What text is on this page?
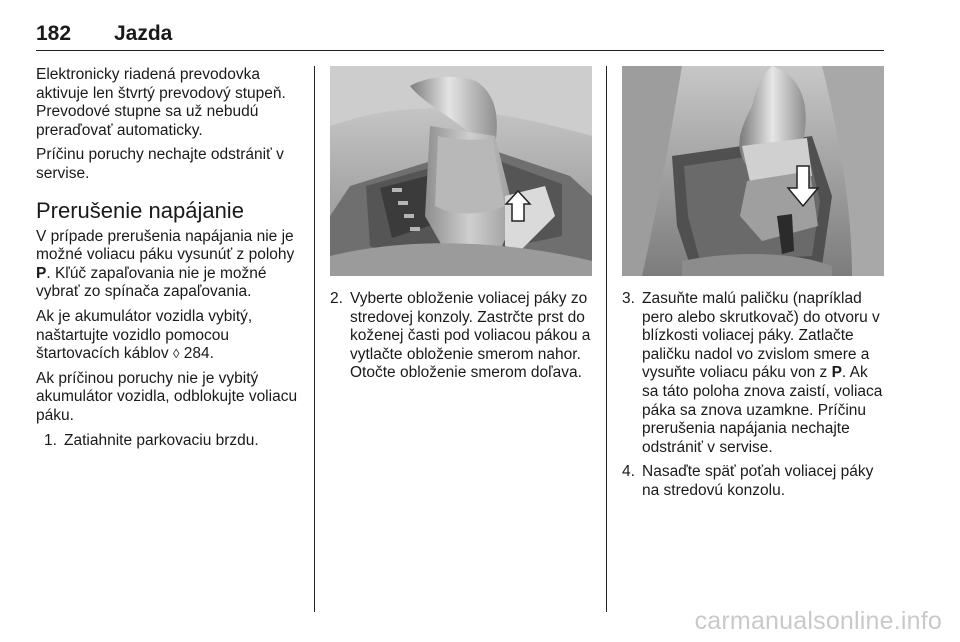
182 Jazda

Elektronicky riadená prevodovka aktivuje len štvrtý prevodový stupeň. Prevodové stupne sa už nebudú preraďovať automaticky.

Príčinu poruchy nechajte odstrániť v servise.

Prerušenie napájanie

V prípade prerušenia napájania nie je možné voliacu páku vysunúť z polohy P. Kľúč zapaľovania nie je možné vybrať zo spínača zapaľovania.

Ak je akumulátor vozidla vybitý, naštartujte vozidlo pomocou štartovacích káblov ◊ 284.

Ak príčinou poruchy nie je vybitý akumulátor vozidla, odblokujte voliacu páku.

1. Zatiahnite parkovaciu brzdu.
2. Vyberte obloženie voliacej páky zo stredovej konzoly. Zastrčte prst do koženej časti pod voliacou pákou a vytlačte obloženie smerom nahor. Otočte obloženie smerom doľava.
3. Zasuňte malú paličku (napríklad pero alebo skrutkovač) do otvoru v blízkosti voliacej páky. Zatlačte paličku nadol vo zvislom smere a vysuňte voliacu páku von z P. Ak sa táto poloha znova zaistí, voliaca páka sa znova uzamkne. Príčinu prerušenia napájania nechajte odstrániť v servise.
4. Nasaďte späť poťah voliacej páky na stredovú konzolu.
carmanualsonline.info
